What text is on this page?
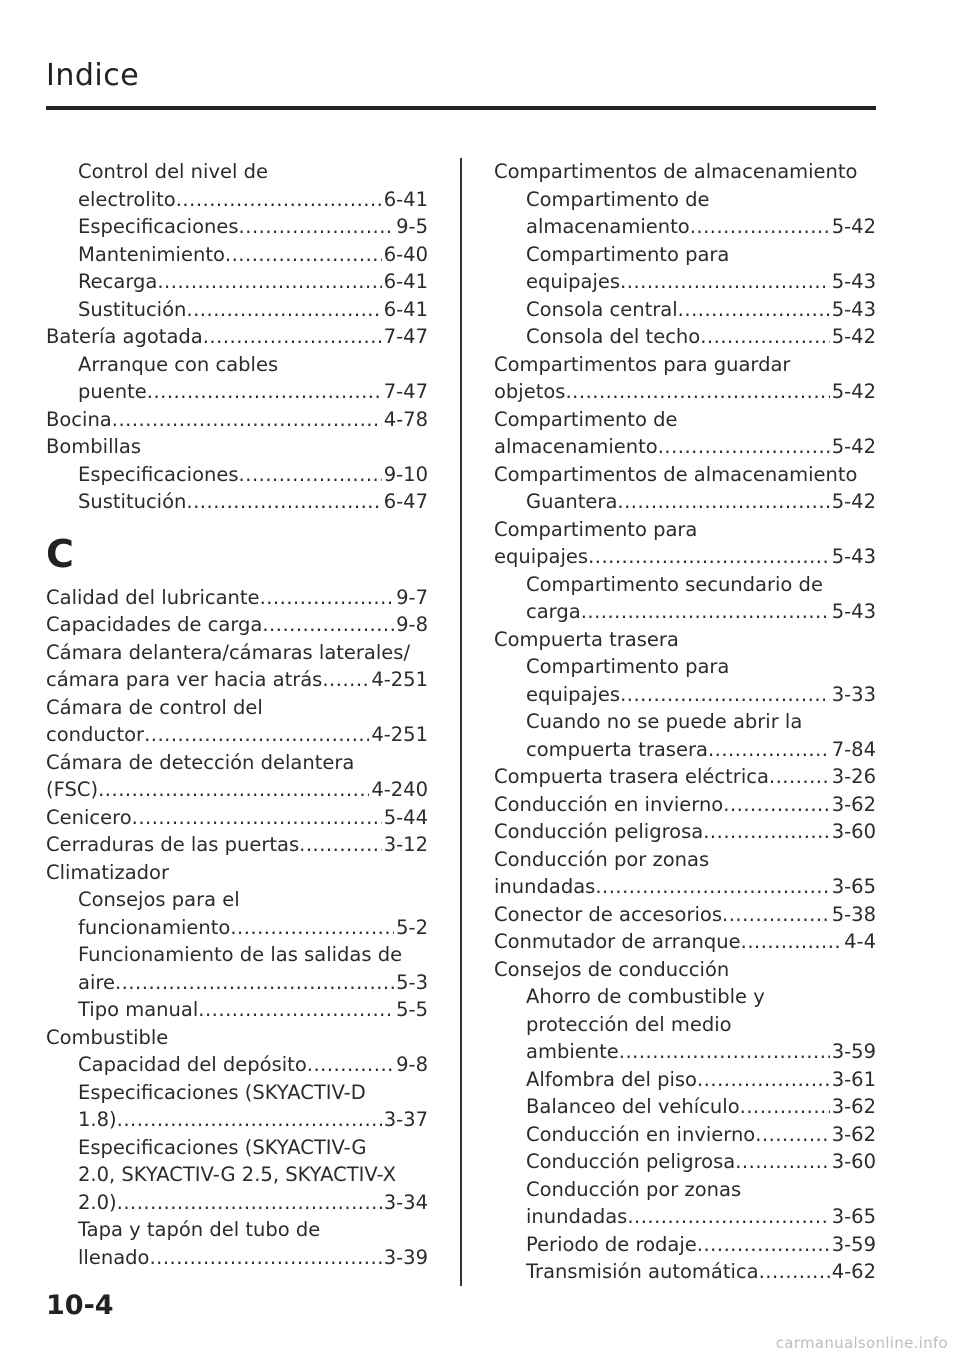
Indice
Control del nivel de
electrolito .....	6-41
Especificaciones .....	9-5
Mantenimiento .....	6-40
Recarga .....	6-41
Sustitución .....	6-41
Batería agotada .....	7-47
Arranque con cables
puente .....	7-47
Bocina .....	4-78
Bombillas
Especificaciones .....	9-10
Sustitución .....	6-47
C
Calidad del lubricante .....	9-7
Capacidades de carga .....	9-8
Cámara delantera/cámaras laterales/
cámara para ver hacia atrás .....	4-251
Cámara de control del
conductor .....	4-251
Cámara de detección delantera
(FSC) .....	4-240
Cenicero .....	5-44
Cerraduras de las puertas .....	3-12
Climatizador
Consejos para el
funcionamiento .....	5-2
Funcionamiento de las salidas de
aire .....	5-3
Tipo manual .....	5-5
Combustible
Capacidad del depósito .....	9-8
Especificaciones (SKYACTIV-D
1.8) .....	3-37
Especificaciones (SKYACTIV-G
2.0, SKYACTIV-G 2.5, SKYACTIV-X
2.0) .....	3-34
Tapa y tapón del tubo de
llenado .....	3-39
Compartimentos de almacenamiento
Compartimento de
almacenamiento .....	5-42
Compartimento para
equipajes .....	5-43
Consola central .....	5-43
Consola del techo .....	5-42
Compartimentos para guardar
objetos .....	5-42
Compartimento de
almacenamiento .....	5-42
Compartimentos de almacenamiento
Guantera .....	5-42
Compartimento para
equipajes .....	5-43
Compartimento secundario de
carga .....	5-43
Compuerta trasera
Compartimento para
equipajes .....	3-33
Cuando no se puede abrir la
compuerta trasera .....	7-84
Compuerta trasera eléctrica .....	3-26
Conducción en invierno .....	3-62
Conducción peligrosa .....	3-60
Conducción por zonas
inundadas .....	3-65
Conector de accesorios .....	5-38
Conmutador de arranque .....	4-4
Consejos de conducción
Ahorro de combustible y
protección del medio
ambiente .....	3-59
Alfombra del piso .....	3-61
Balanceo del vehículo .....	3-62
Conducción en invierno .....	3-62
Conducción peligrosa .....	3-60
Conducción por zonas
inundadas .....	3-65
Periodo de rodaje .....	3-59
Transmisión automática .....	4-62
10-4
carmanualsonline.info
